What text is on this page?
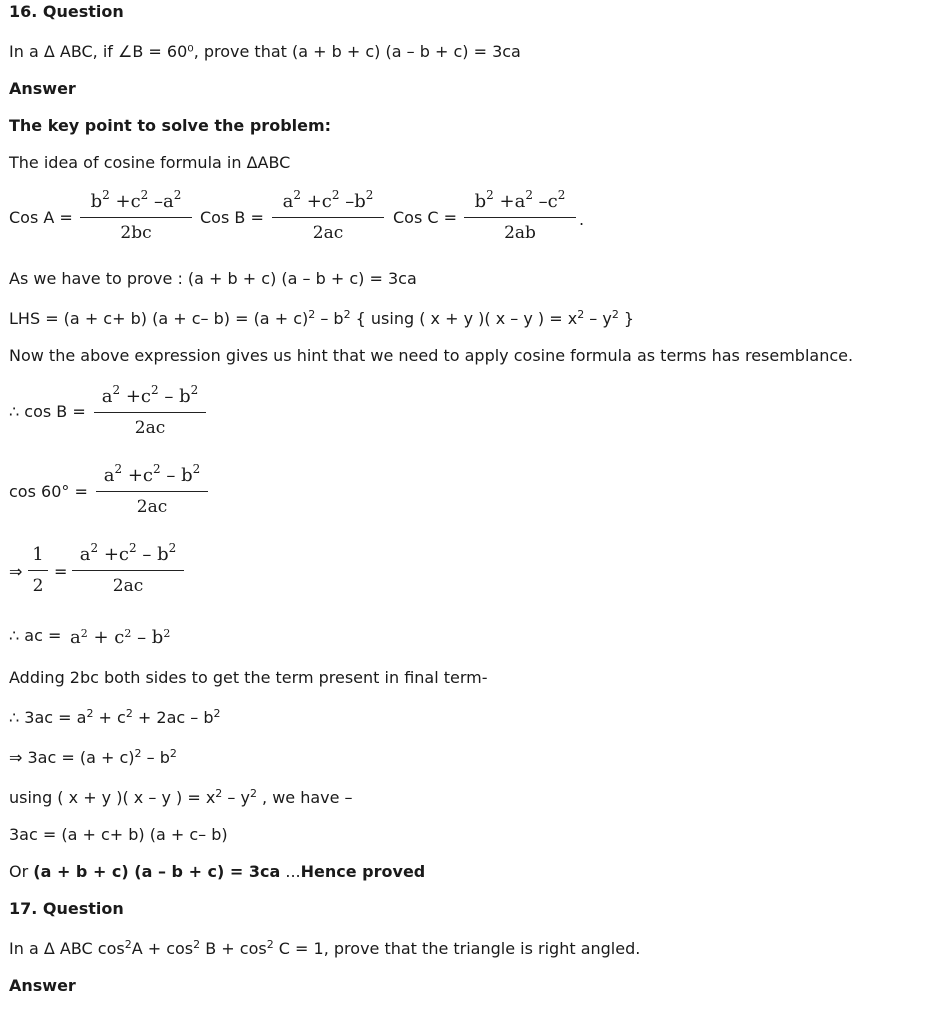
16. Question
In a Δ ABC, if ∠B = 60⁰, prove that (a + b + c) (a – b + c) = 3ca
Answer
The key point to solve the problem:
The idea of cosine formula in ΔABC
Cos A =
$b^2 +c^2$ $-a^2$
2bc
Cos B =
$a^2 +c^2$ $-b^2$
2ac
Cos C =
$b^2 +a^2$ $-c^2$
2ab
.
As we have to prove : (a + b + c) (a – b + c) = 3ca
LHS = (a + c+ b) (a + c– $b) = (a + c)^2 - b^2$ { using ( x + y )( x – y ) = $x^2 - y^2$ }
Now the above expression gives us hint that we need to apply cosine formula as terms has resemblance.
∴ cos B =
$a^2 +c^2 - b^2$
2ac
cos 60° =
$a^2 +c^2 - b^2$
2ac
⇒
1
2
=
$a^2 +c^2 - b^2$
2ac
∴ ac = $a^2 + c^2 - b^2$
Adding 2bc both sides to get the term present in final term-
∴ $3ac = a^2 + c^2 + 2ac - b^2$
⇒ $3ac = (a + c)^2 - b^2$
using ( x + y )( x – y ) = $x^2 - y^2$ , we have –
3ac = (a + c+ b) (a + c– b)
Or (a + b + c) (a – b + c) = 3ca ...Hence proved
17. Question
In a Δ ABC $\cos^2A + \cos^2 B + \cos^2 C = 1$, prove that the triangle is right angled.
Answer
